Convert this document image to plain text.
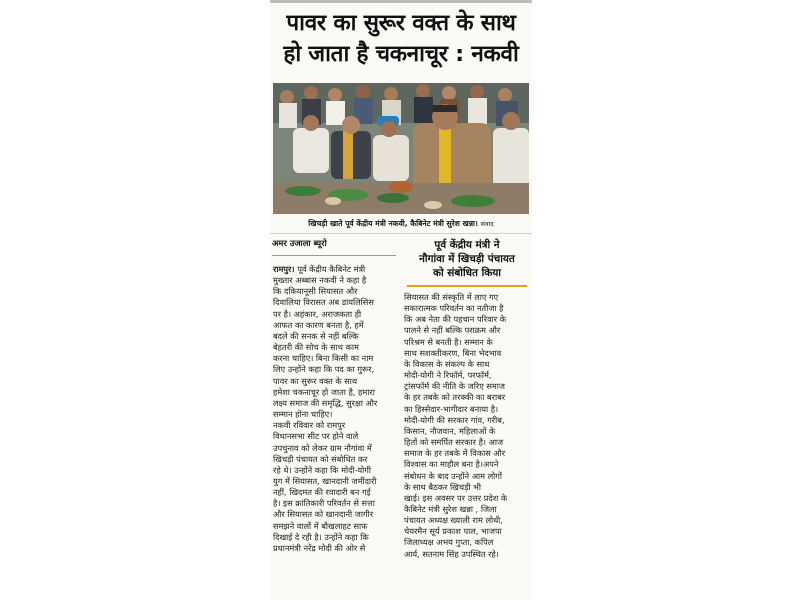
पावर का सुरूर वक्त के साथ
हो जाता है चकनाचूर : नकवी
खिचड़ी खाते पूर्व केंद्रीय मंत्री नकवी, कैबिनेट मंत्री सुरेश खन्ना। संवाद
अमर उजाला ब्यूरो	पूर्व केंद्रीय मंत्री ने
नौगांवा में खिचड़ी पंचायत
को संबोधित किया
रामपुर। पूर्व केंद्रीय कैबिनेट मंत्री
मुख्तार अब्बास नकवी ने कहा है
कि दकियानूसी सियासत और
दिवालिया विरासत अब डायलिसिस
पर है। अहंकार, अराजकता ही
आफत का कारण बनता है, हमें
बदले की सनक से नहीं बल्कि
बेहतरी की सोच के साथ काम
करना चाहिए। बिना किसी का नाम
लिए उन्होंने कहा कि पद का गुरूर,
पावर का सुरूर वक्त के साथ
हमेशा चकनाचूर हो जाता है, हमारा
लक्ष्य समाज की समृद्धि, सुरक्षा और
सम्मान होना चाहिए।
नकवी रविवार को रामपुर
विधानसभा सीट पर होने वाले
उपचुनाव को लेकर ग्राम नौगांवा में
खिचड़ी पंचायत को संबोधित कर
रहे थे। उन्होंने कहा कि मोदी-योगी
युग में सियासत, खानदानी जमींदारी
नहीं, खिदमत की रवादारी बन गई
है। इस क्रांतिकारी परिवर्तन से सत्ता
और सियासत को खानदानी जागीर
समझने वालों में बौखलाहट साफ
दिखाई दे रही है। उन्होंने कहा कि
प्रधानमंत्री नरेंद्र मोदी की ओर से
सियासत की संस्कृति में लाए गए
सकारात्मक परिवर्तन का नतीजा है
कि अब नेता की पहचान परिवार के
पालने से नहीं बल्कि पराक्रम और
परिश्रम से बनती है। सम्मान के
साथ सशक्तीकरण, बिना भेदभाव
के विकास के संकल्प के साथ
मोदी-योगी ने रिफॉर्म, परफॉर्म,
ट्रांसफॉर्म की नीति के जरिए समाज
के हर तबके को तरक्की का बराबर
का हिस्सेदार-भागीदार बनाया है।
मोदी-योगी की सरकार गांव, गरीब,
किसान, नौजवान, महिलाओं के
हितों को समर्पित सरकार है। आज
समाज के हर तबके में विकास और
विश्वास का माहौल बना है।अपने
संबोधन के बाद उन्होंने आम लोगों
के साथ बैठकर खिचड़ी भी
खाई। इस अवसर पर उत्तर प्रदेश के
कैबिनेट मंत्री सुरेश खन्ना , जिला
पंचायत अध्यक्ष ख्याली राम लोधी,
चेयरमैन सूर्य प्रकाश पाल, भाजपा
जिलाध्यक्ष अभय गुप्ता, कपिल
आर्य, सतनाम सिंह उपस्थित रहे।
